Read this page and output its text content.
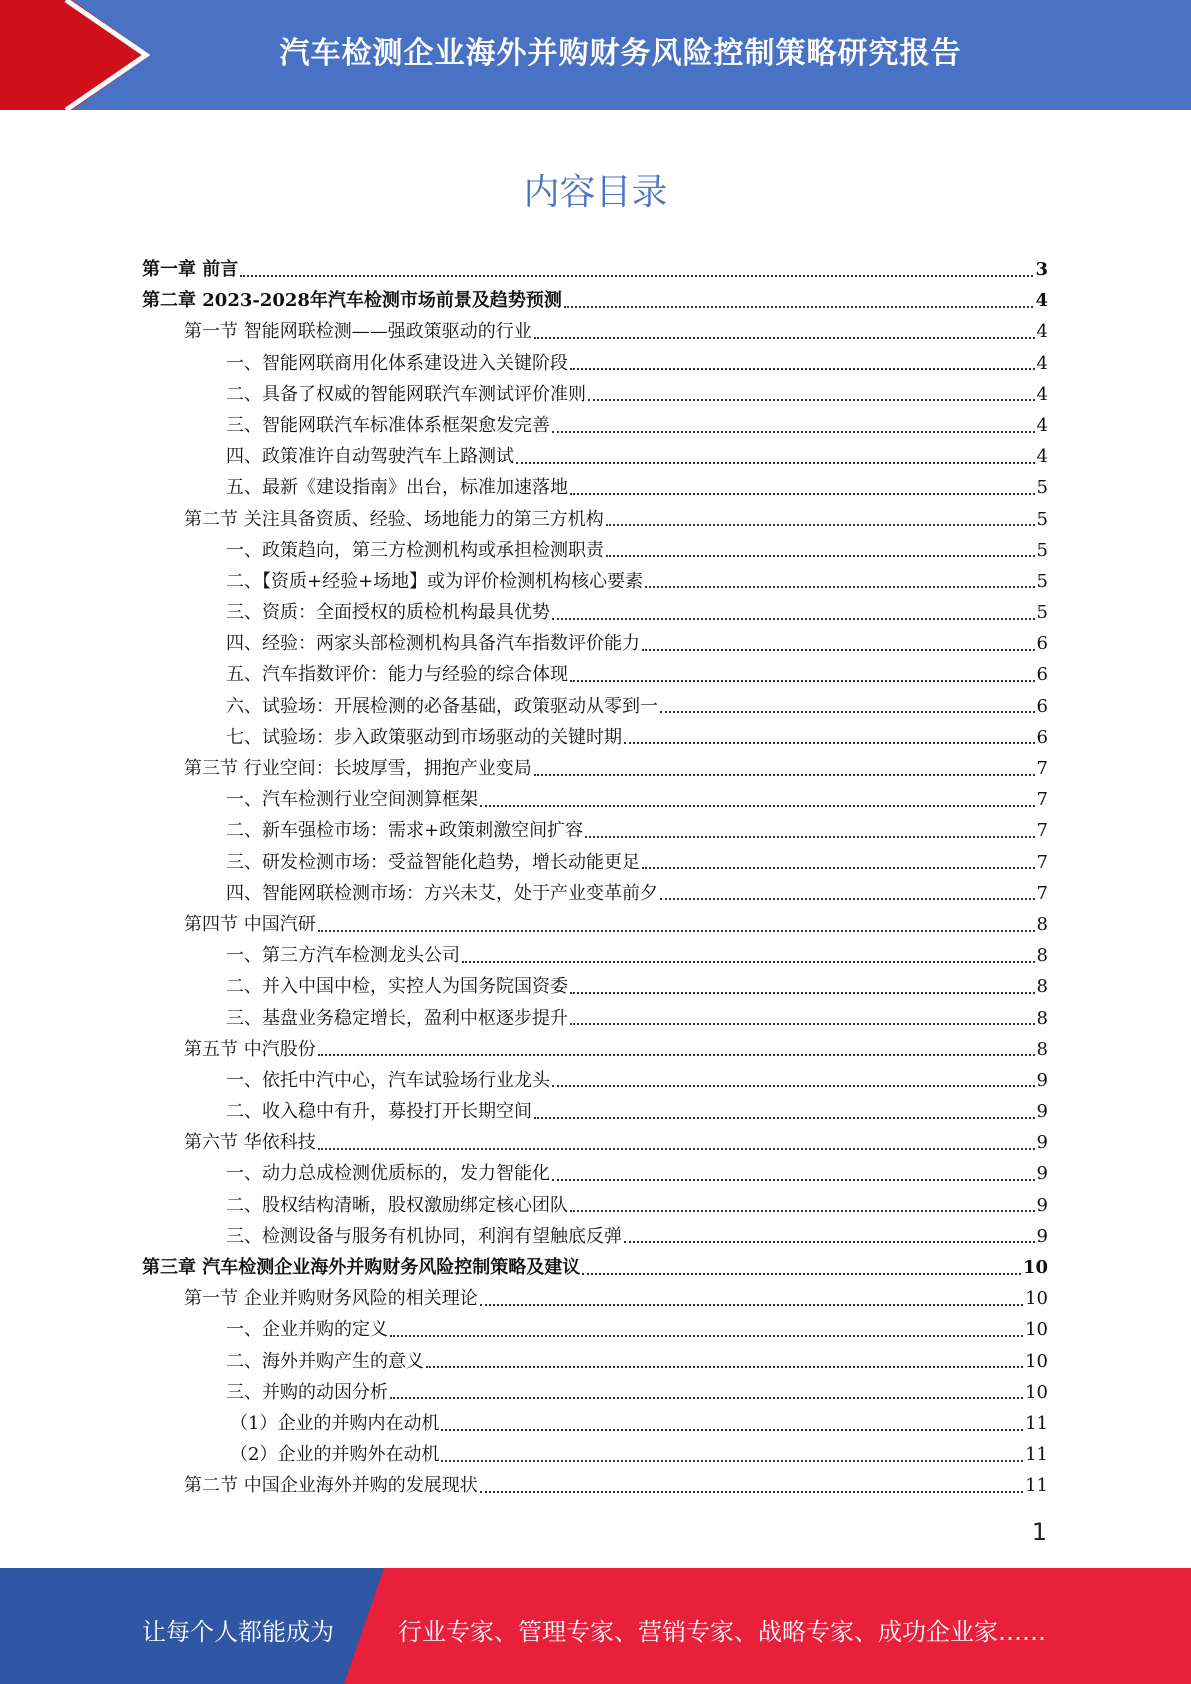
汽车检测企业海外并购财务风险控制策略研究报告
内容目录
第一章 前言	3
第二章 2023-2028年汽车检测市场前景及趋势预测	4
第一节 智能网联检测——强政策驱动的行业	4
一、智能网联商用化体系建设进入关键阶段	4
二、具备了权威的智能网联汽车测试评价准则	4
三、智能网联汽车标准体系框架愈发完善	4
四、政策准许自动驾驶汽车上路测试	4
五、最新《建设指南》出台，标准加速落地	5
第二节 关注具备资质、经验、场地能力的第三方机构	5
一、政策趋向，第三方检测机构或承担检测职责	5
二、【资质+经验+场地】或为评价检测机构核心要素	5
三、资质：全面授权的质检机构最具优势	5
四、经验：两家头部检测机构具备汽车指数评价能力	6
五、汽车指数评价：能力与经验的综合体现	6
六、试验场：开展检测的必备基础，政策驱动从零到一	6
七、试验场：步入政策驱动到市场驱动的关键时期	6
第三节 行业空间：长坡厚雪，拥抱产业变局	7
一、汽车检测行业空间测算框架	7
二、新车强检市场：需求+政策刺激空间扩容	7
三、研发检测市场：受益智能化趋势，增长动能更足	7
四、智能网联检测市场：方兴未艾，处于产业变革前夕	7
第四节 中国汽研	8
一、第三方汽车检测龙头公司	8
二、并入中国中检，实控人为国务院国资委	8
三、基盘业务稳定增长，盈利中枢逐步提升	8
第五节 中汽股份	8
一、依托中汽中心，汽车试验场行业龙头	9
二、收入稳中有升，募投打开长期空间	9
第六节 华依科技	9
一、动力总成检测优质标的，发力智能化	9
二、股权结构清晰，股权激励绑定核心团队	9
三、检测设备与服务有机协同，利润有望触底反弹	9
第三章 汽车检测企业海外并购财务风险控制策略及建议	10
第一节 企业并购财务风险的相关理论	10
一、企业并购的定义	10
二、海外并购产生的意义	10
三、并购的动因分析	10
（1）企业的并购内在动机	11
（2）企业的并购外在动机	11
第二节 中国企业海外并购的发展现状	11
1
让每个人都能成为	行业专家、管理专家、营销专家、战略专家、成功企业家……
